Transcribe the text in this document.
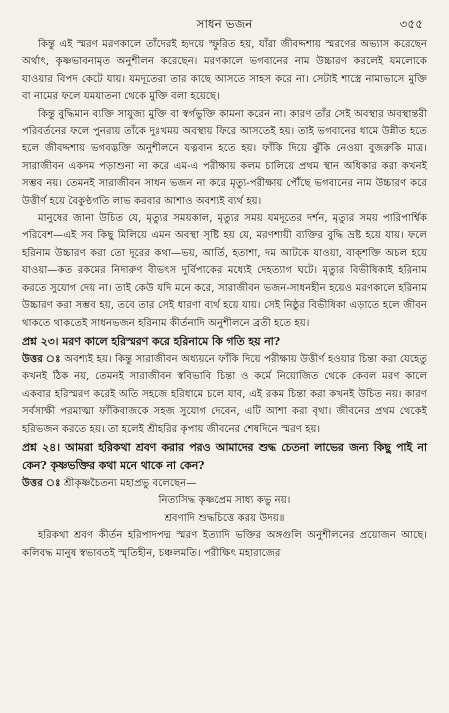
সাধন ভজন	৩৫৫

কিন্তু এই স্মরণ মরণকালে তাঁদেরই হৃদয়ে স্ফুরিত হয়, যাঁরা জীবদ্দশায় স্মরণের অভ্যাস করেছেন অর্থাৎ, কৃষ্ণভাবনামৃত অনুশীলন করেছেন। মরণকালে ভগবানের নাম উচ্চারণ করলেই যমলোকে যাওয়ার বিপদ কেটে যায়। যমদূতেরা তার কাছে আসতে সাহস করে না। সেটাই শাস্ত্রে নামাভাসে মুক্তি বা নামের ফলে যমযাতনা থেকে মুক্তি বলা হয়েছে।

কিন্তু বুদ্ধিমান ব্যক্তি সাযুজ্য মুক্তি বা স্বর্গভুক্তি কামনা করেন না। কারণ তাঁর সেই অবস্থার অবস্থান্তরী পরিবর্তনের ফলে পুনরায় তাঁকে দুঃখময় অবস্থায় ফিরে আসতেই হয়। তাই ভগবানের ধামে উন্নীত হতে হলে জীবদ্দশায় ভগবদ্ভক্তি অনুশীলনে যত্নবান হতে হয়। ফাঁকি দিয়ে ঝুঁকি নেওয়া বুজরুকি মাত্র। সারাজীবন একদম পড়াশুনা না করে এম-এ পরীক্ষায় কলম চালিয়ে প্রথম স্থান অধিকার করা কখনই সম্ভব নয়। তেমনই সারাজীবন সাধন ভজন না করে মৃত্যু-পরীক্ষায় পৌঁছে ভগবানের নাম উচ্চারণ করে উত্তীর্ণ হয়ে বৈকুণ্ঠগতি লাভ করবার আশাও অবশ্যই ব্যর্থ হয়।

মানুষের জানা উচিত যে, মৃত্যুর সময়কাল, মৃত্যুর সময় যমদূতের দর্শন, মৃত্যুর সময় পারিপার্শ্বিক পরিবেশ—এই সব কিছু মিলিয়ে এমন অবস্থা সৃষ্টি হয় যে, মরণশায়ী ব্যক্তির বুদ্ধি ভ্রষ্ট হয়ে যায়। ফলে হরিনাম উচ্চারণ করা তো দূরের কথা—ভয়, আর্তি, হতাশা, দম আটকে যাওয়া, বাক্শক্তি অচল হয়ে যাওয়া—কত রকমের নিদারুণ বীভৎস দুর্বিপাকের মধ্যেই দেহত্যাগ ঘটে। মৃত্যুর বিভীষিকাই হরিনাম করতে সুযোগ দেয় না। তাই কেউ যদি মনে করে, সারাজীবন ভজন-সাধনহীন হয়েও মরণকালে হরিনাম উচ্চারণ করা সম্ভব হয়, তবে তার সেই ধারণা ব্যর্থ হয়ে যায়। সেই নিষ্ঠুর বিভীষিকা এড়াতে হলে জীবন থাকতে থাকতেই সাধনভজন হরিনাম কীর্তনাদি অনুশীলনে ব্রতী হতে হয়।

প্রশ্ন ২৩। মরণ কালে হরিস্মরণ করে হরিনামে কি গতি হয় না?

উত্তর ঃ অবশ্যই হয়। কিন্তু সারাজীবন অধ্যয়নে ফাঁকি দিয়ে পরীক্ষায় উত্তীর্ণ হওয়ার চিন্তা করা যেহেতু কখনই ঠিক নয়, তেমনই সারাজীবন স্ববিভাবি চিন্তা ও কর্মে নিয়োজিত থেকে কেবল মরণ কালে একবার হরিস্মরণ করেই অতি সহজে হরিধামে চলে যাব, এই রকম চিন্তা করা কখনই উচিত নয়। কারণ সর্বসাক্ষী পরমাত্মা ফাঁকিবাজকে সহজ সুযোগ দেবেন, এটি আশা করা বৃথা। জীবনের প্রথম থেকেই হরিভজন করতে হয়। তা হলেই শ্রীহরির কৃপায় জীবনের শেষদিনে স্মরণ হয়।

প্রশ্ন ২৪। আমরা হরিকথা শ্রবণ করার পরও আমাদের শুদ্ধ চেতনা লাভের জন্য কিছু পাই না কেন? কৃষ্ণভক্তির কথা মনে থাকে না কেন?

উত্তর ঃ শ্রীকৃষ্ণচৈতন্য মহাপ্রভু বলেছেন—

নিত্যসিদ্ধ কৃষ্ণপ্রেম সাধ্য কভু নয়।
শ্রবণাদি শুদ্ধচিত্তে করয় উদয়॥

হরিকথা শ্রবণ কীর্তন হরিপাদপদ্ম স্মরণ ইত্যাদি ভক্তির অঙ্গগুলি অনুশীলনের প্রয়োজন আছে। কলিবদ্ধ মানুষ স্বভাবতই স্মৃতিহীন, চঞ্চলমতি। পরীক্ষিৎ মহারাজের
